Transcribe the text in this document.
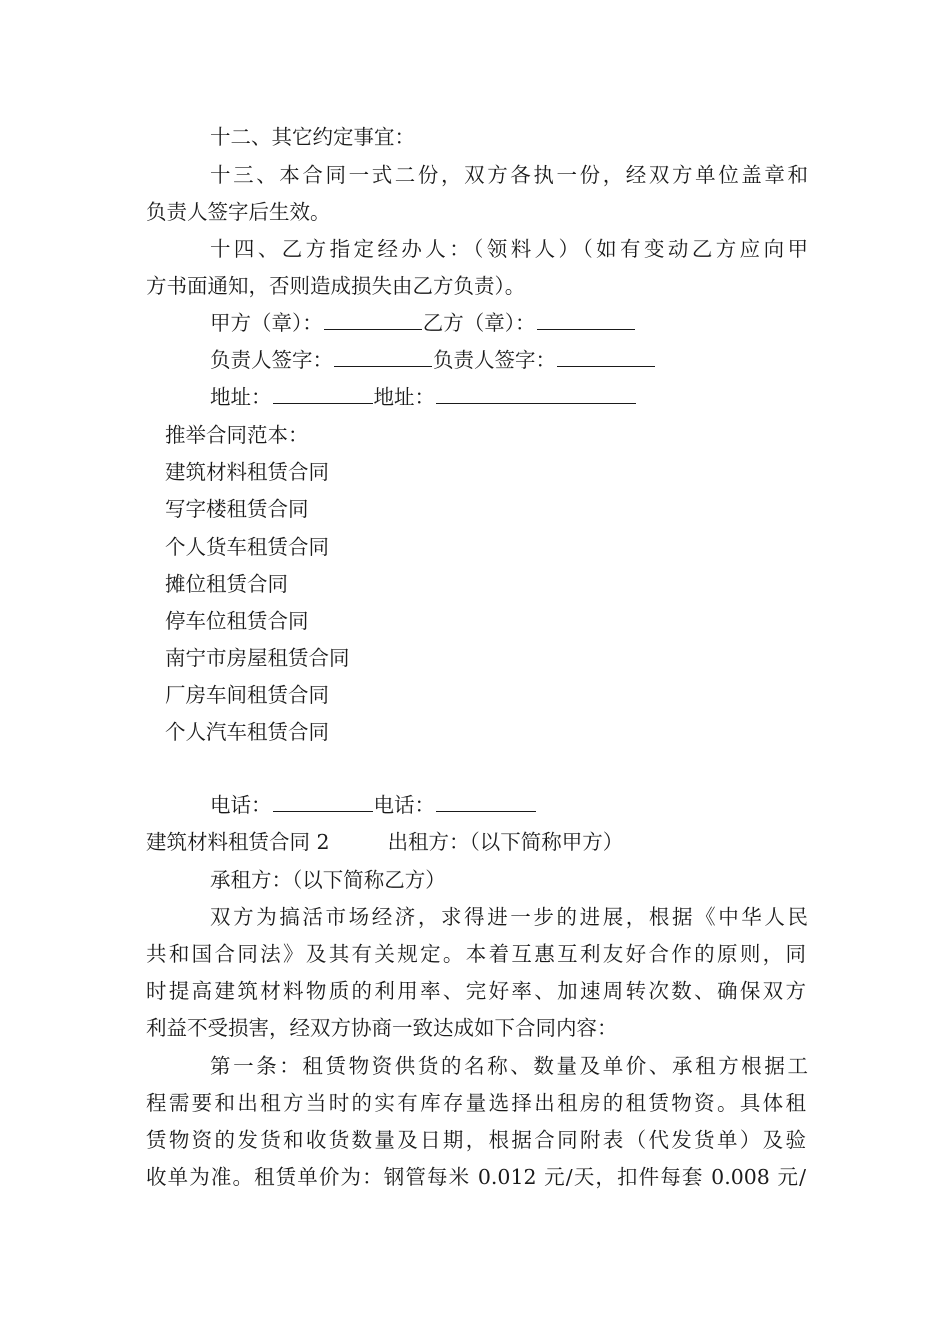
十二、其它约定事宜：
十三、本合同一式二份，双方各执一份，经双方单位盖章和
负责人签字后生效。
十四、乙方指定经办人：（领料人）（如有变动乙方应向甲
方书面通知，否则造成损失由乙方负责）。
甲方（章）：	乙方（章）：
负责人签字：	负责人签字：
地址：	地址：
推举合同范本：
建筑材料租赁合同
写字楼租赁合同
个人货车租赁合同
摊位租赁合同
停车位租赁合同
南宁市房屋租赁合同
厂房车间租赁合同
个人汽车租赁合同
电话：	电话：
建筑材料租赁合同 2	出租方：（以下简称甲方）
承租方：（以下简称乙方）
双方为搞活市场经济，求得进一步的进展，根据《中华人民
共和国合同法》及其有关规定。本着互惠互利友好合作的原则，同
时提高建筑材料物质的利用率、完好率、加速周转次数、确保双方
利益不受损害，经双方协商一致达成如下合同内容：
第一条：租赁物资供货的名称、数量及单价、承租方根据工
程需要和出租方当时的实有库存量选择出租房的租赁物资。具体租
赁物资的发货和收货数量及日期，根据合同附表（代发货单）及验
收单为准。租赁单价为：钢管每米 0.012 元/天，扣件每套 0.008 元/
